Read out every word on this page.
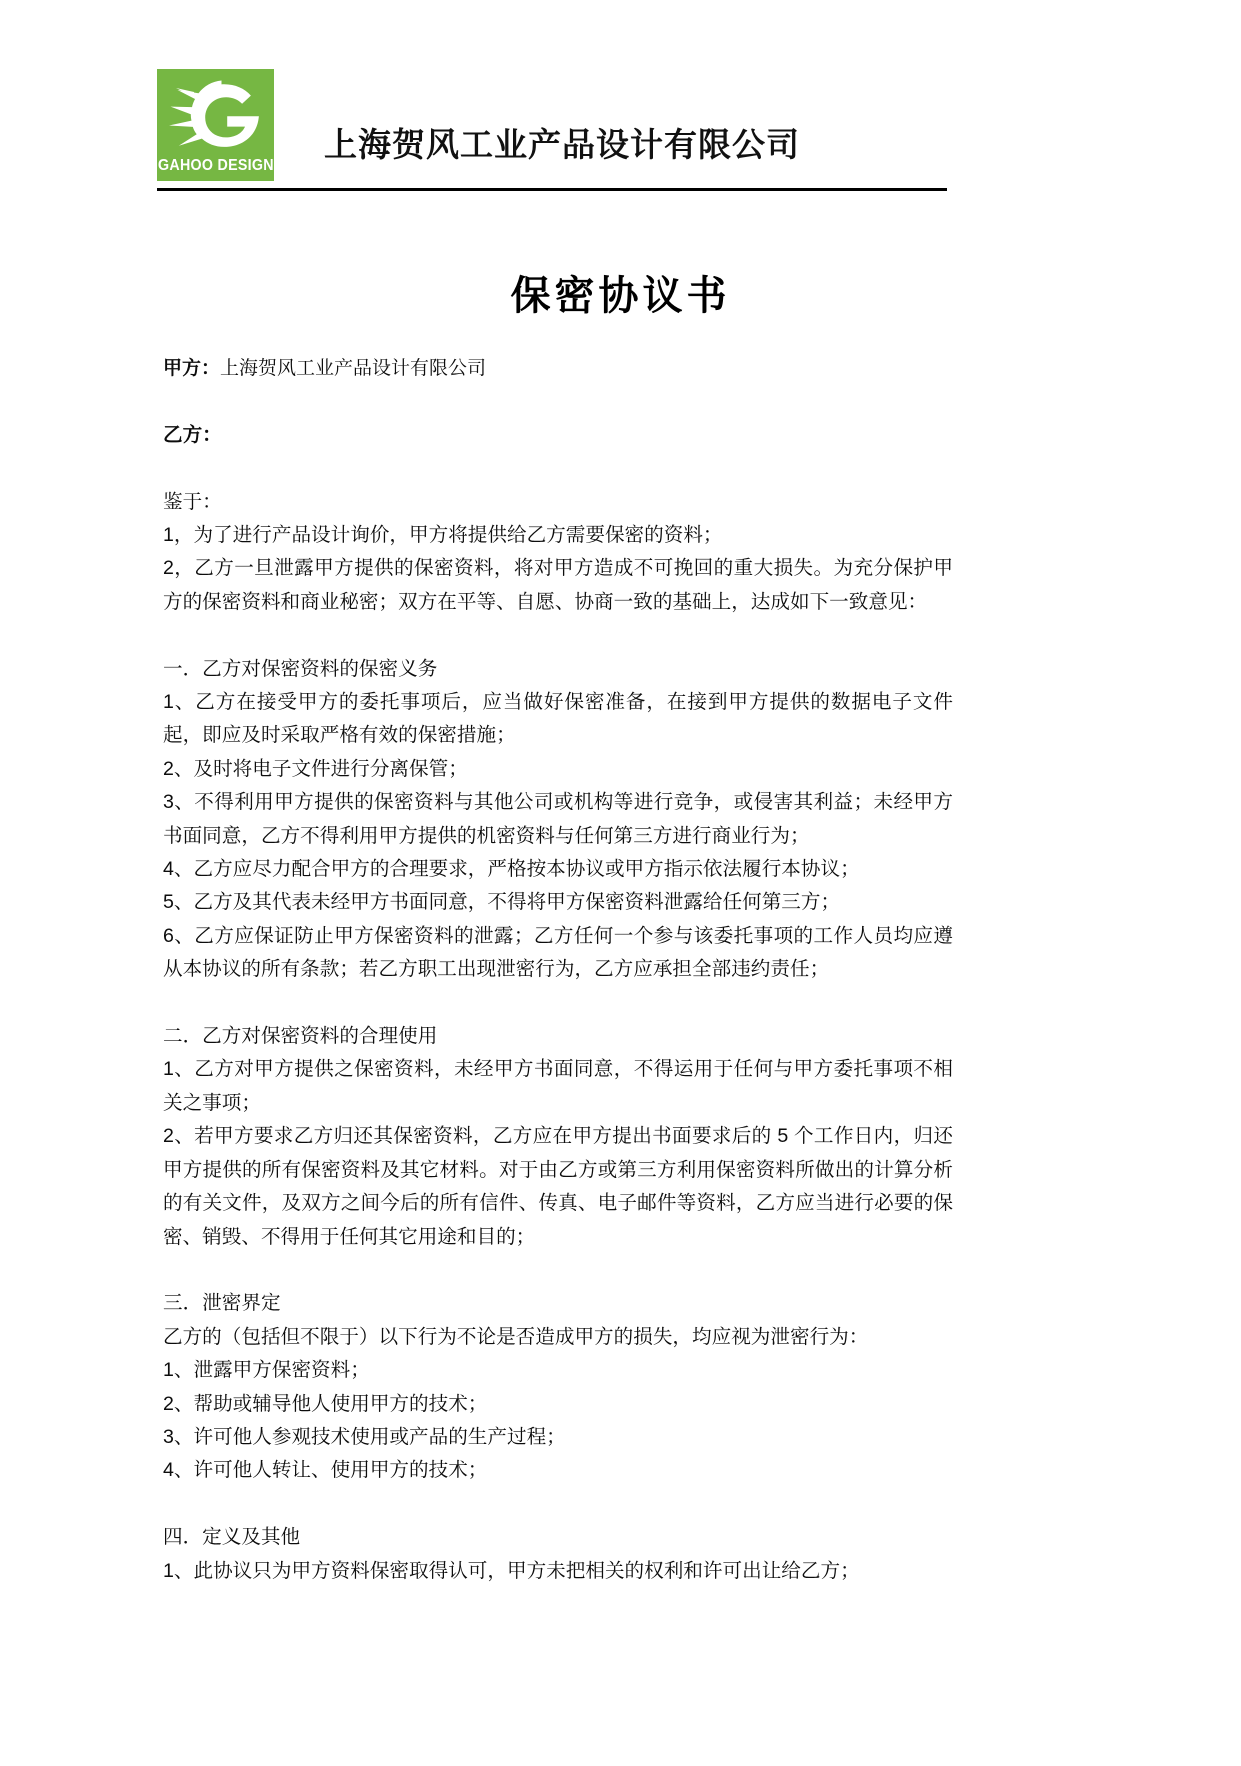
GAHOO DESIGN
上海贺风工业产品设计有限公司
保密协议书

甲方：上海贺风工业产品设计有限公司

乙方：

鉴于：

1，为了进行产品设计询价，甲方将提供给乙方需要保密的资料；

2，乙方一旦泄露甲方提供的保密资料，将对甲方造成不可挽回的重大损失。为充分保护甲方的保密资料和商业秘密；双方在平等、自愿、协商一致的基础上，达成如下一致意见：

一．乙方对保密资料的保密义务

1、乙方在接受甲方的委托事项后，应当做好保密准备，在接到甲方提供的数据电子文件起，即应及时采取严格有效的保密措施；

2、及时将电子文件进行分离保管；

3、不得利用甲方提供的保密资料与其他公司或机构等进行竞争，或侵害其利益；未经甲方书面同意，乙方不得利用甲方提供的机密资料与任何第三方进行商业行为；

4、乙方应尽力配合甲方的合理要求，严格按本协议或甲方指示依法履行本协议；

5、乙方及其代表未经甲方书面同意，不得将甲方保密资料泄露给任何第三方；

6、乙方应保证防止甲方保密资料的泄露；乙方任何一个参与该委托事项的工作人员均应遵从本协议的所有条款；若乙方职工出现泄密行为，乙方应承担全部违约责任；

二．乙方对保密资料的合理使用

1、乙方对甲方提供之保密资料，未经甲方书面同意，不得运用于任何与甲方委托事项不相关之事项；

2、若甲方要求乙方归还其保密资料，乙方应在甲方提出书面要求后的 5 个工作日内，归还甲方提供的所有保密资料及其它材料。对于由乙方或第三方利用保密资料所做出的计算分析的有关文件，及双方之间今后的所有信件、传真、电子邮件等资料，乙方应当进行必要的保密、销毁、不得用于任何其它用途和目的；

三．泄密界定

乙方的（包括但不限于）以下行为不论是否造成甲方的损失，均应视为泄密行为：

1、泄露甲方保密资料；

2、帮助或辅导他人使用甲方的技术；

3、许可他人参观技术使用或产品的生产过程；

4、许可他人转让、使用甲方的技术；

四．定义及其他

1、此协议只为甲方资料保密取得认可，甲方未把相关的权利和许可出让给乙方；
